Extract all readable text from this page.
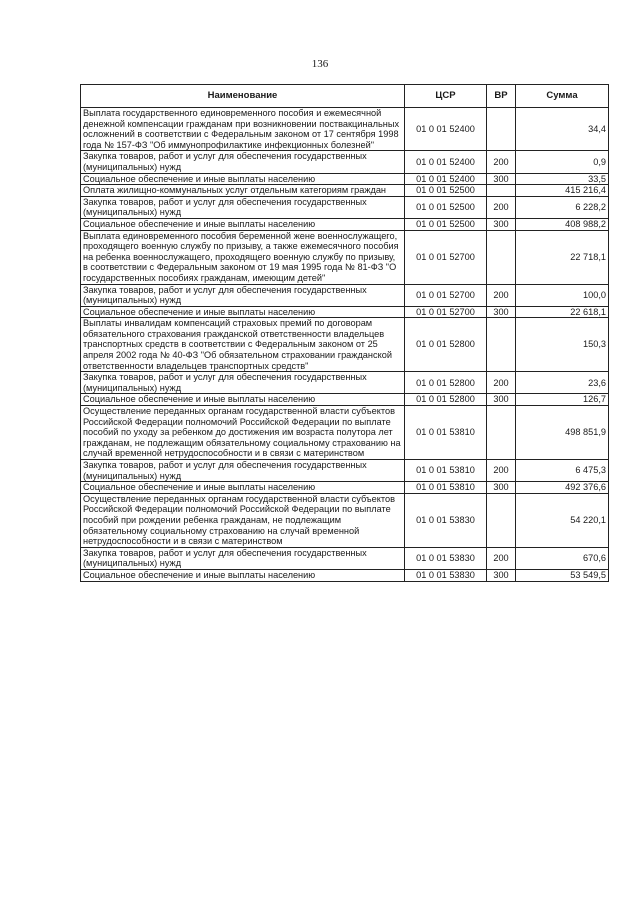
136
Наименование	ЦСР	ВР	Сумма
Выплата государственного единовременного пособия и ежемесячной денежной компенсации гражданам при возникновении поствакцинальных осложнений в соответствии с Федеральным законом от 17 сентября 1998 года № 157-ФЗ "Об иммунопрофилактике инфекционных болезней"	01 0 01 52400		34,4
Закупка товаров, работ и услуг для обеспечения государственных (муниципальных) нужд	01 0 01 52400	200	0,9
Социальное обеспечение и иные выплаты населению	01 0 01 52400	300	33,5
Оплата жилищно-коммунальных услуг отдельным категориям граждан	01 0 01 52500		415 216,4
Закупка товаров, работ и услуг для обеспечения государственных (муниципальных) нужд	01 0 01 52500	200	6 228,2
Социальное обеспечение и иные выплаты населению	01 0 01 52500	300	408 988,2
Выплата единовременного пособия беременной жене военнослужащего, проходящего военную службу по призыву, а также ежемесячного пособия на ребенка военнослужащего, проходящего военную службу по призыву, в соответствии с Федеральным законом от 19 мая 1995 года № 81-ФЗ "О государственных пособиях гражданам, имеющим детей"	01 0 01 52700		22 718,1
Закупка товаров, работ и услуг для обеспечения государственных (муниципальных) нужд	01 0 01 52700	200	100,0
Социальное обеспечение и иные выплаты населению	01 0 01 52700	300	22 618,1
Выплаты инвалидам компенсаций страховых премий по договорам обязательного страхования гражданской ответственности владельцев транспортных средств в соответствии с Федеральным законом от 25 апреля 2002 года № 40-ФЗ "Об обязательном страховании гражданской ответственности владельцев транспортных средств"	01 0 01 52800		150,3
Закупка товаров, работ и услуг для обеспечения государственных (муниципальных) нужд	01 0 01 52800	200	23,6
Социальное обеспечение и иные выплаты населению	01 0 01 52800	300	126,7
Осуществление переданных органам государственной власти субъектов Российской Федерации полномочий Российской Федерации по выплате пособий по уходу за ребенком до достижения им возраста полутора лет гражданам, не подлежащим обязательному социальному страхованию на случай временной нетрудоспособности и в связи с материнством	01 0 01 53810		498 851,9
Закупка товаров, работ и услуг для обеспечения государственных (муниципальных) нужд	01 0 01 53810	200	6 475,3
Социальное обеспечение и иные выплаты населению	01 0 01 53810	300	492 376,6
Осуществление переданных органам государственной власти субъектов Российской Федерации полномочий Российской Федерации по выплате пособий при рождении ребенка гражданам, не подлежащим обязательному социальному страхованию на случай временной нетрудоспособности и в связи с материнством	01 0 01 53830		54 220,1
Закупка товаров, работ и услуг для обеспечения государственных (муниципальных) нужд	01 0 01 53830	200	670,6
Социальное обеспечение и иные выплаты населению	01 0 01 53830	300	53 549,5
